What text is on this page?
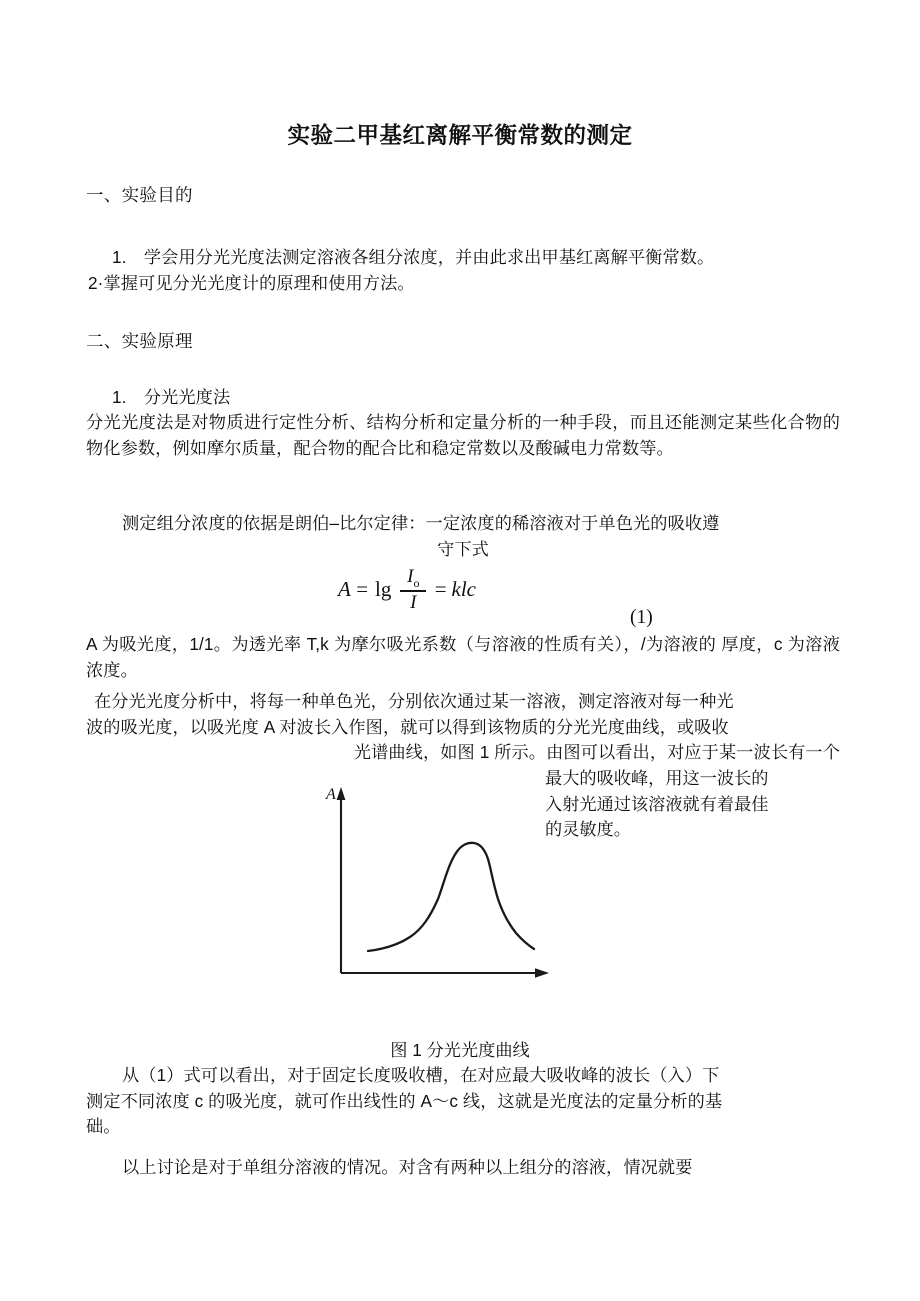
实验二甲基红离解平衡常数的测定
一、实验目的
1.　学会用分光光度法测定溶液各组分浓度，并由此求出甲基红离解平衡常数。
2·掌握可见分光光度计的原理和使用方法。
二、实验原理
1.　分光光度法
分光光度法是对物质进行定性分析、结构分析和定量分析的一种手段，而且还能测定某些化合物的物化参数，例如摩尔质量，配合物的配合比和稳定常数以及酸碱电力常数等。
测定组分浓度的依据是朗伯–比尔定律：一定浓度的稀溶液对于单色光的吸收遵
守下式
$A = \lg \frac{I_o}{I}$ = klc
(1)
A 为吸光度，1/1。为透光率 T,k 为摩尔吸光系数（与溶液的性质有关），/为溶液的 厚度，c 为溶液浓度。
在分光光度分析中，将每一种单色光，分别依次通过某一溶液，测定溶液对每一种光
波的吸光度，以吸光度 A 对波长入作图，就可以得到该物质的分光光度曲线，或吸收
光谱曲线，如图 1 所示。由图可以看出，对应于某一波长有一个
最大的吸收峰，用这一波长的
入射光通过该溶液就有着最佳
的灵敏度。
A
图 1 分光光度曲线
从（1）式可以看出，对于固定长度吸收槽，在对应最大吸收峰的波长（入）下
测定不同浓度 c 的吸光度，就可作出线性的 A～c 线，这就是光度法的定量分析的基
础。
以上讨论是对于单组分溶液的情况。对含有两种以上组分的溶液，情况就要
